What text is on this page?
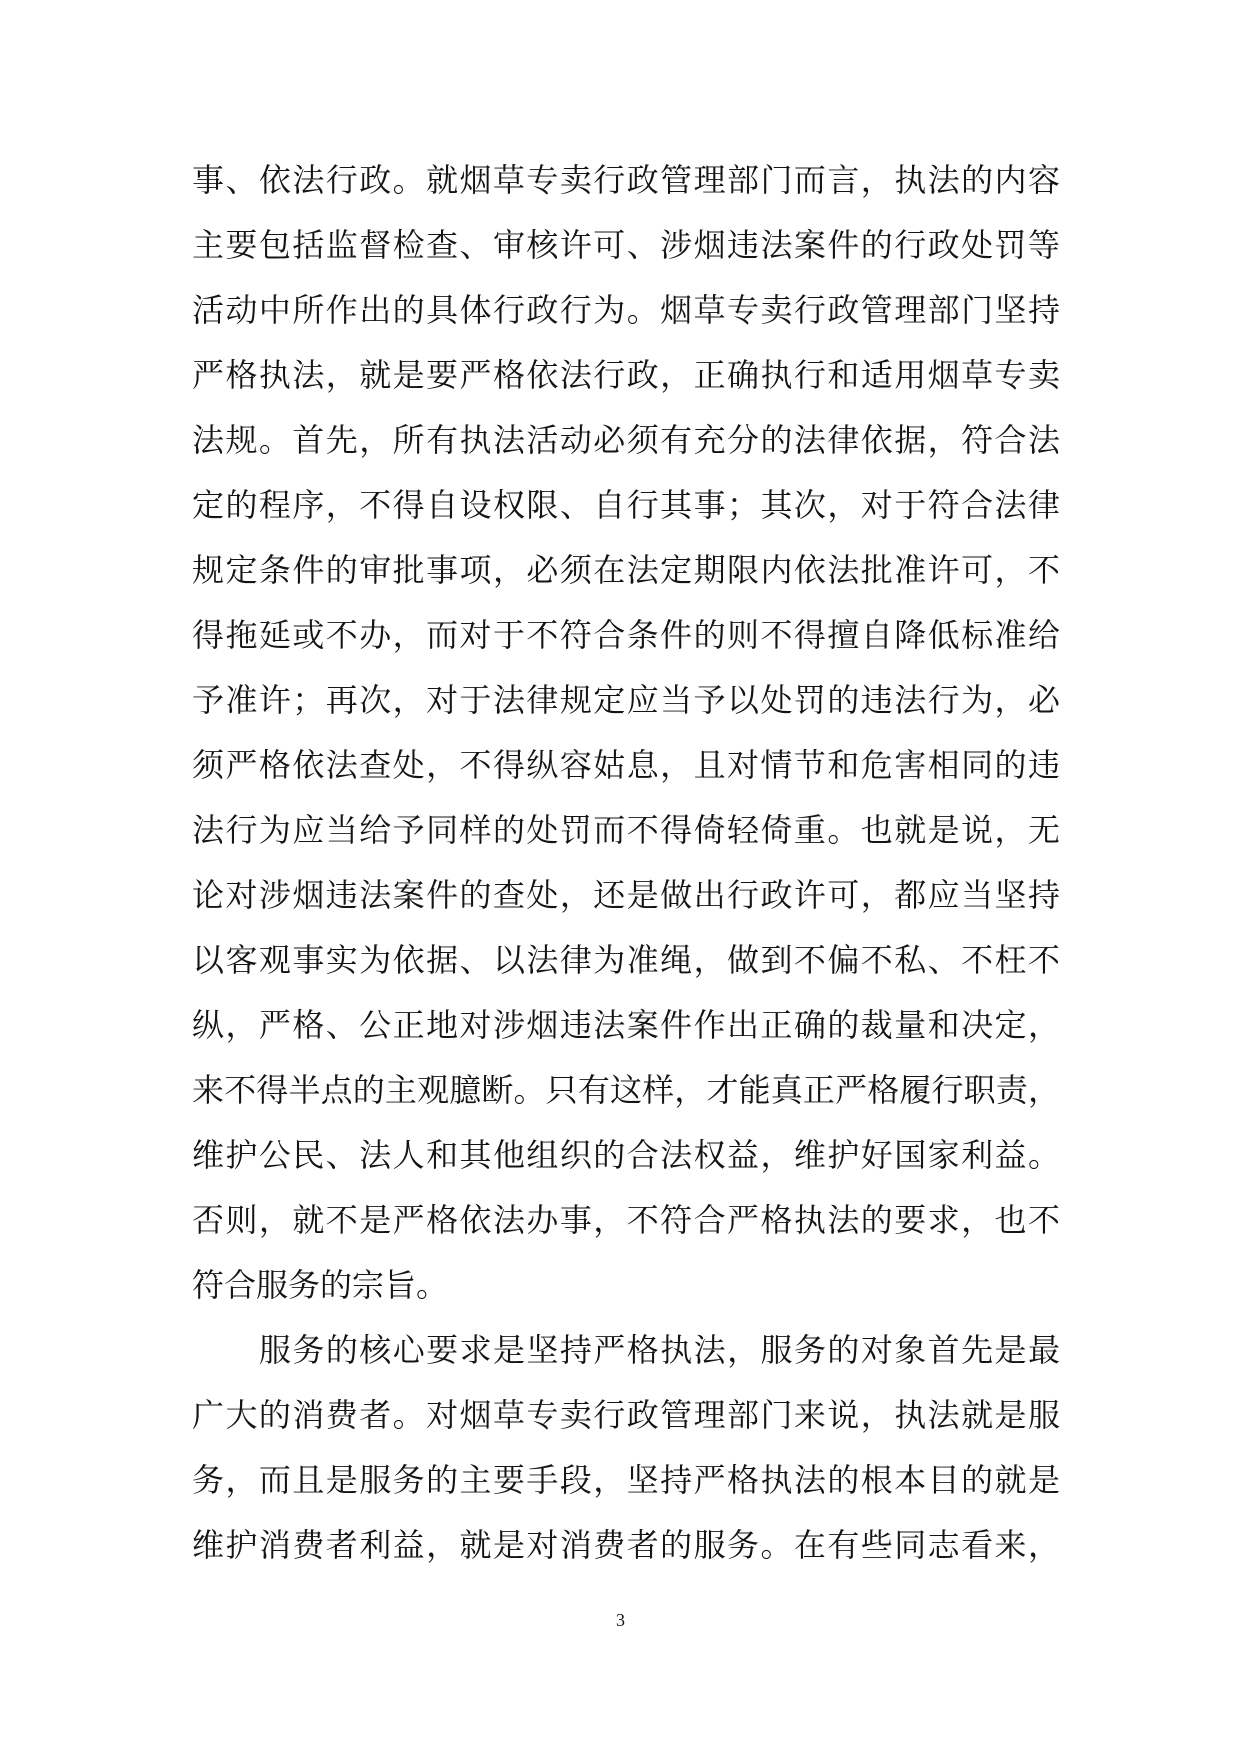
事、依法行政。就烟草专卖行政管理部门而言，执法的内容
主要包括监督检查、审核许可、涉烟违法案件的行政处罚等
活动中所作出的具体行政行为。烟草专卖行政管理部门坚持
严格执法，就是要严格依法行政，正确执行和适用烟草专卖
法规。首先，所有执法活动必须有充分的法律依据，符合法
定的程序，不得自设权限、自行其事；其次，对于符合法律
规定条件的审批事项，必须在法定期限内依法批准许可，不
得拖延或不办，而对于不符合条件的则不得擅自降低标准给
予准许；再次，对于法律规定应当予以处罚的违法行为，必
须严格依法查处，不得纵容姑息，且对情节和危害相同的违
法行为应当给予同样的处罚而不得倚轻倚重。也就是说，无
论对涉烟违法案件的查处，还是做出行政许可，都应当坚持
以客观事实为依据、以法律为准绳，做到不偏不私、不枉不
纵，严格、公正地对涉烟违法案件作出正确的裁量和决定，
来不得半点的主观臆断。只有这样，才能真正严格履行职责，
维护公民、法人和其他组织的合法权益，维护好国家利益。
否则，就不是严格依法办事，不符合严格执法的要求，也不
符合服务的宗旨。
服务的核心要求是坚持严格执法，服务的对象首先是最
广大的消费者。对烟草专卖行政管理部门来说，执法就是服
务，而且是服务的主要手段，坚持严格执法的根本目的就是
维护消费者利益，就是对消费者的服务。在有些同志看来，
3
